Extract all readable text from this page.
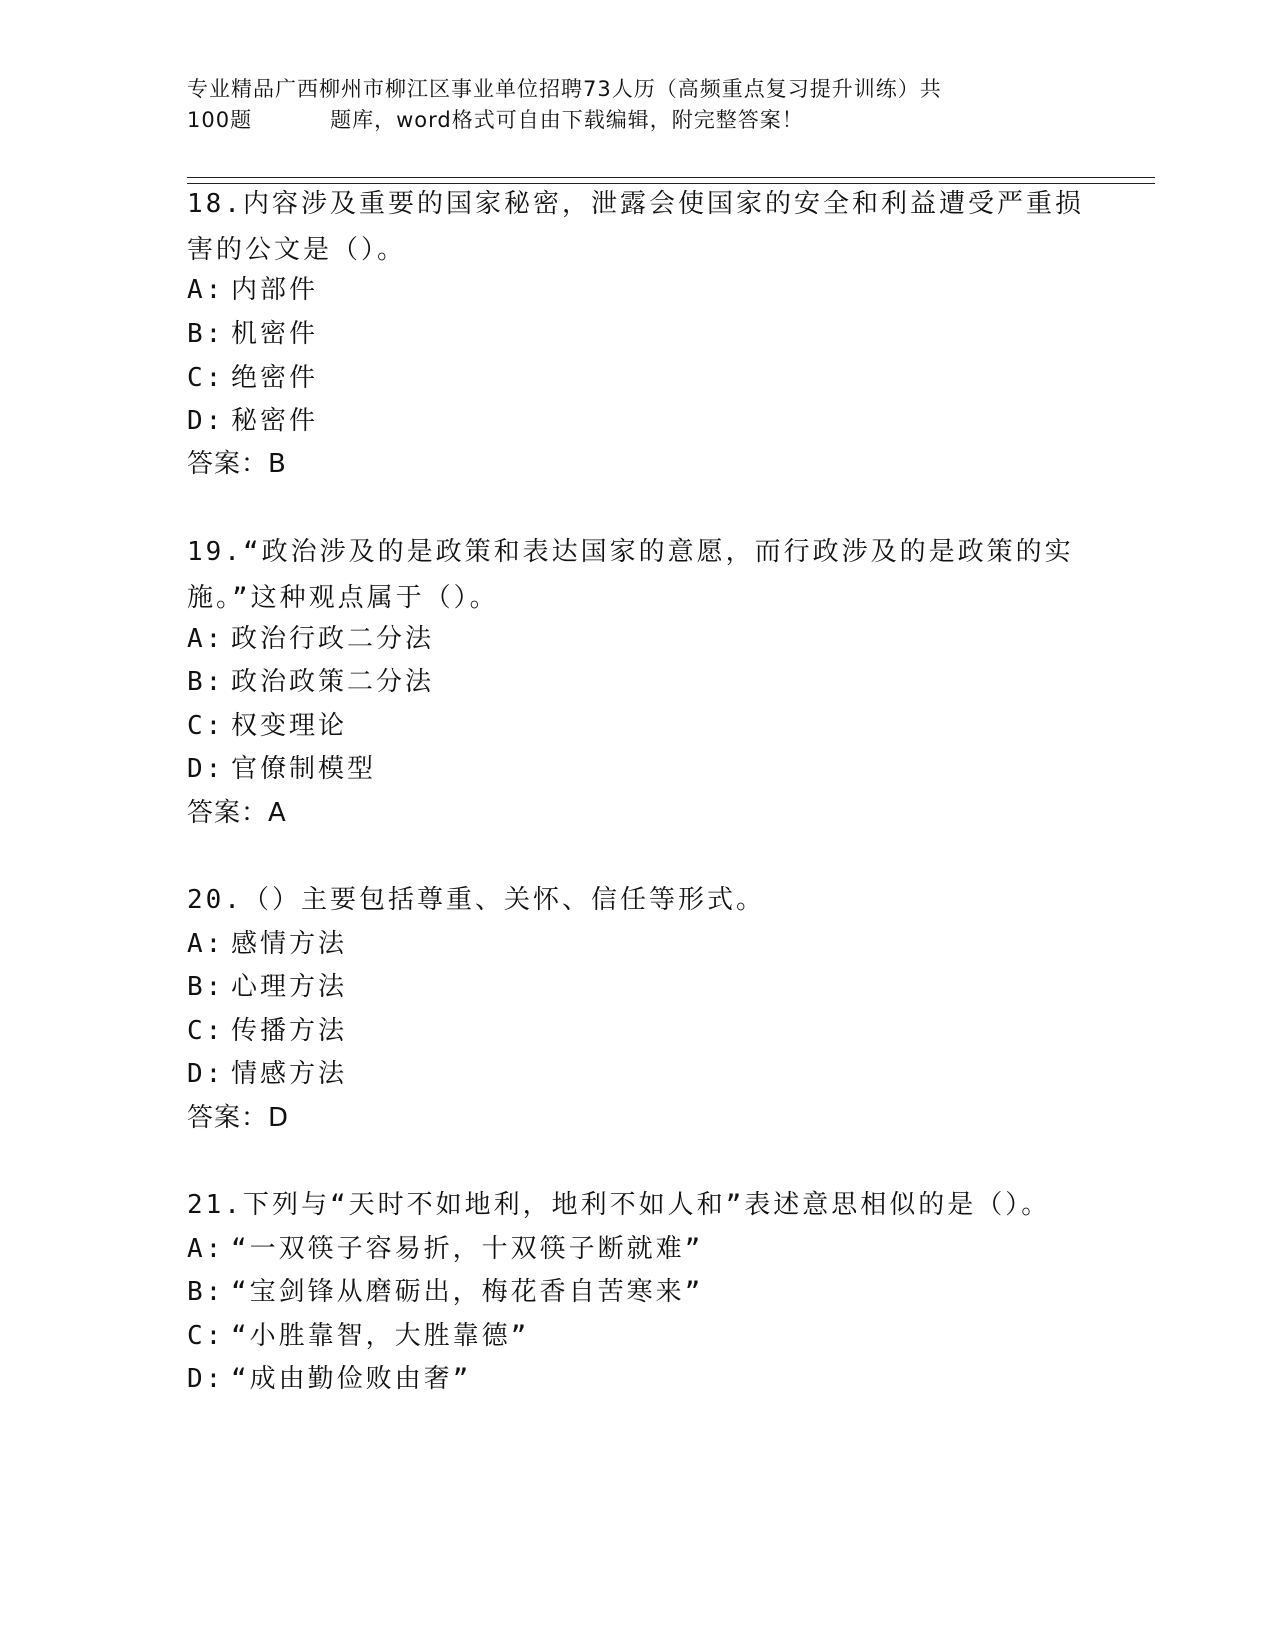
专业精品广西柳州市柳江区事业单位招聘73人历（高频重点复习提升训练）共
100题	题库，word格式可自由下载编辑，附完整答案！
18.内容涉及重要的国家秘密，泄露会使国家的安全和利益遭受严重损
害的公文是（）。
A: 内部件
B: 机密件
C: 绝密件
D: 秘密件
答案：B
19.“政治涉及的是政策和表达国家的意愿，而行政涉及的是政策的实
施。”这种观点属于（）。
A: 政治行政二分法
B: 政治政策二分法
C: 权变理论
D: 官僚制模型
答案：A
20.（）主要包括尊重、关怀、信任等形式。
A: 感情方法
B: 心理方法
C: 传播方法
D: 情感方法
答案：D
21.下列与“天时不如地利，地利不如人和”表述意思相似的是（）。
A: “一双筷子容易折，十双筷子断就难”
B: “宝剑锋从磨砺出，梅花香自苦寒来”
C: “小胜靠智，大胜靠德”
D: “成由勤俭败由奢”
